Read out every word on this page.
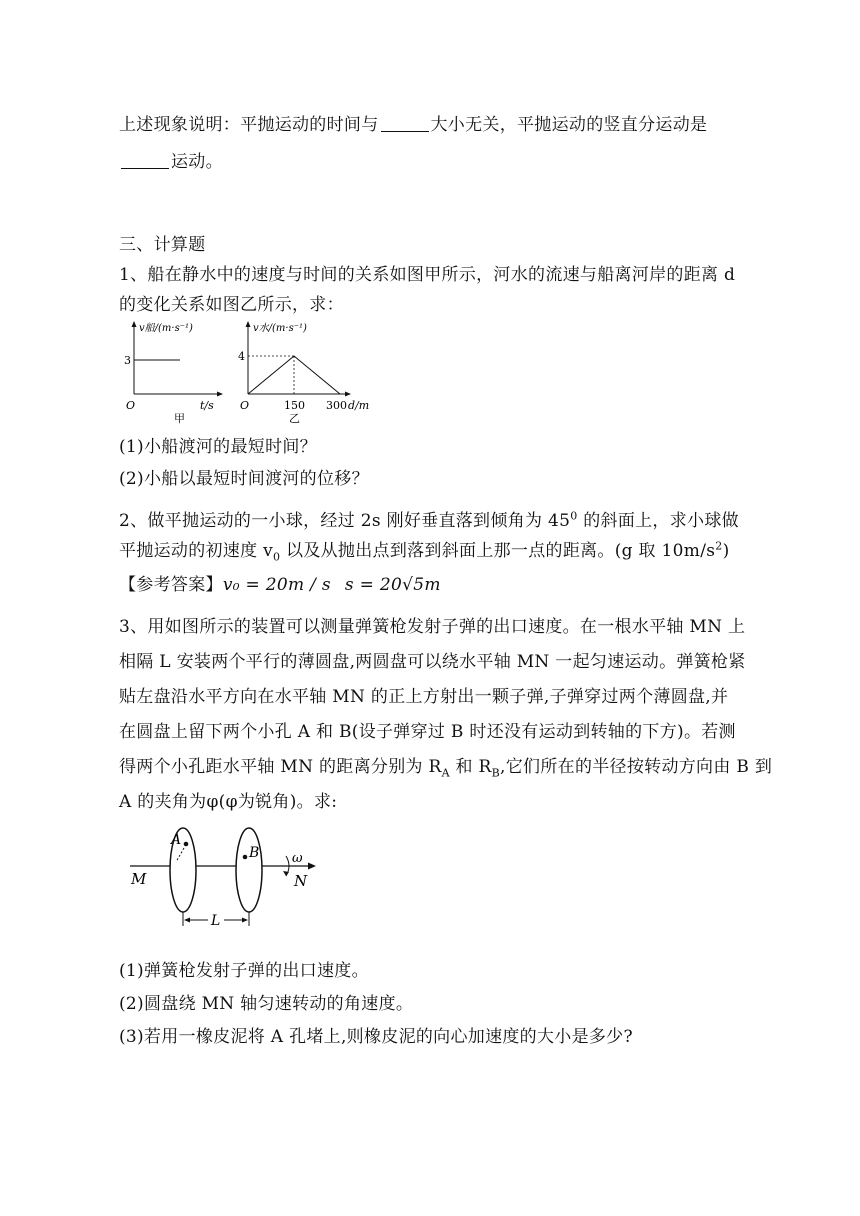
上述现象说明：平抛运动的时间与	大小无关，平抛运动的竖直分运动是
运动。
三、计算题
1、船在静水中的速度与时间的关系如图甲所示，河水的流速与船离河岸的距离 d
的变化关系如图乙所示，求：
v船/(m·s⁻¹)
3
O	t/s
甲
v水/(m·s⁻¹)
4
O	150 300 d/m
乙
(1)小船渡河的最短时间？
(2)小船以最短时间渡河的位移？
2、做平抛运动的一小球，经过 2s 刚好垂直落到倾角为 $45^0$ 的斜面上，求小球做
平抛运动的初速度 $v_0$ 以及从抛出点到落到斜面上那一点的距离。(g 取 $10m/s^2$)
【参考答案】v₀ = 20m / s s = 20√5m
3、用如图所示的装置可以测量弹簧枪发射子弹的出口速度。在一根水平轴 MN 上
相隔 L 安装两个平行的薄圆盘,两圆盘可以绕水平轴 MN 一起匀速运动。弹簧枪紧
贴左盘沿水平方向在水平轴 MN 的正上方射出一颗子弹,子弹穿过两个薄圆盘,并
在圆盘上留下两个小孔 A 和 B(设子弹穿过 B 时还没有运动到转轴的下方)。若测
得两个小孔距水平轴 MN 的距离分别为 $R_A$ 和 $R_B$,它们所在的半径按转动方向由 B 到
A 的夹角为φ(φ为锐角)。求:
A
B
M	N
ω
L
(1)弹簧枪发射子弹的出口速度。
(2)圆盘绕 MN 轴匀速转动的角速度。
(3)若用一橡皮泥将 A 孔堵上,则橡皮泥的向心加速度的大小是多少?
